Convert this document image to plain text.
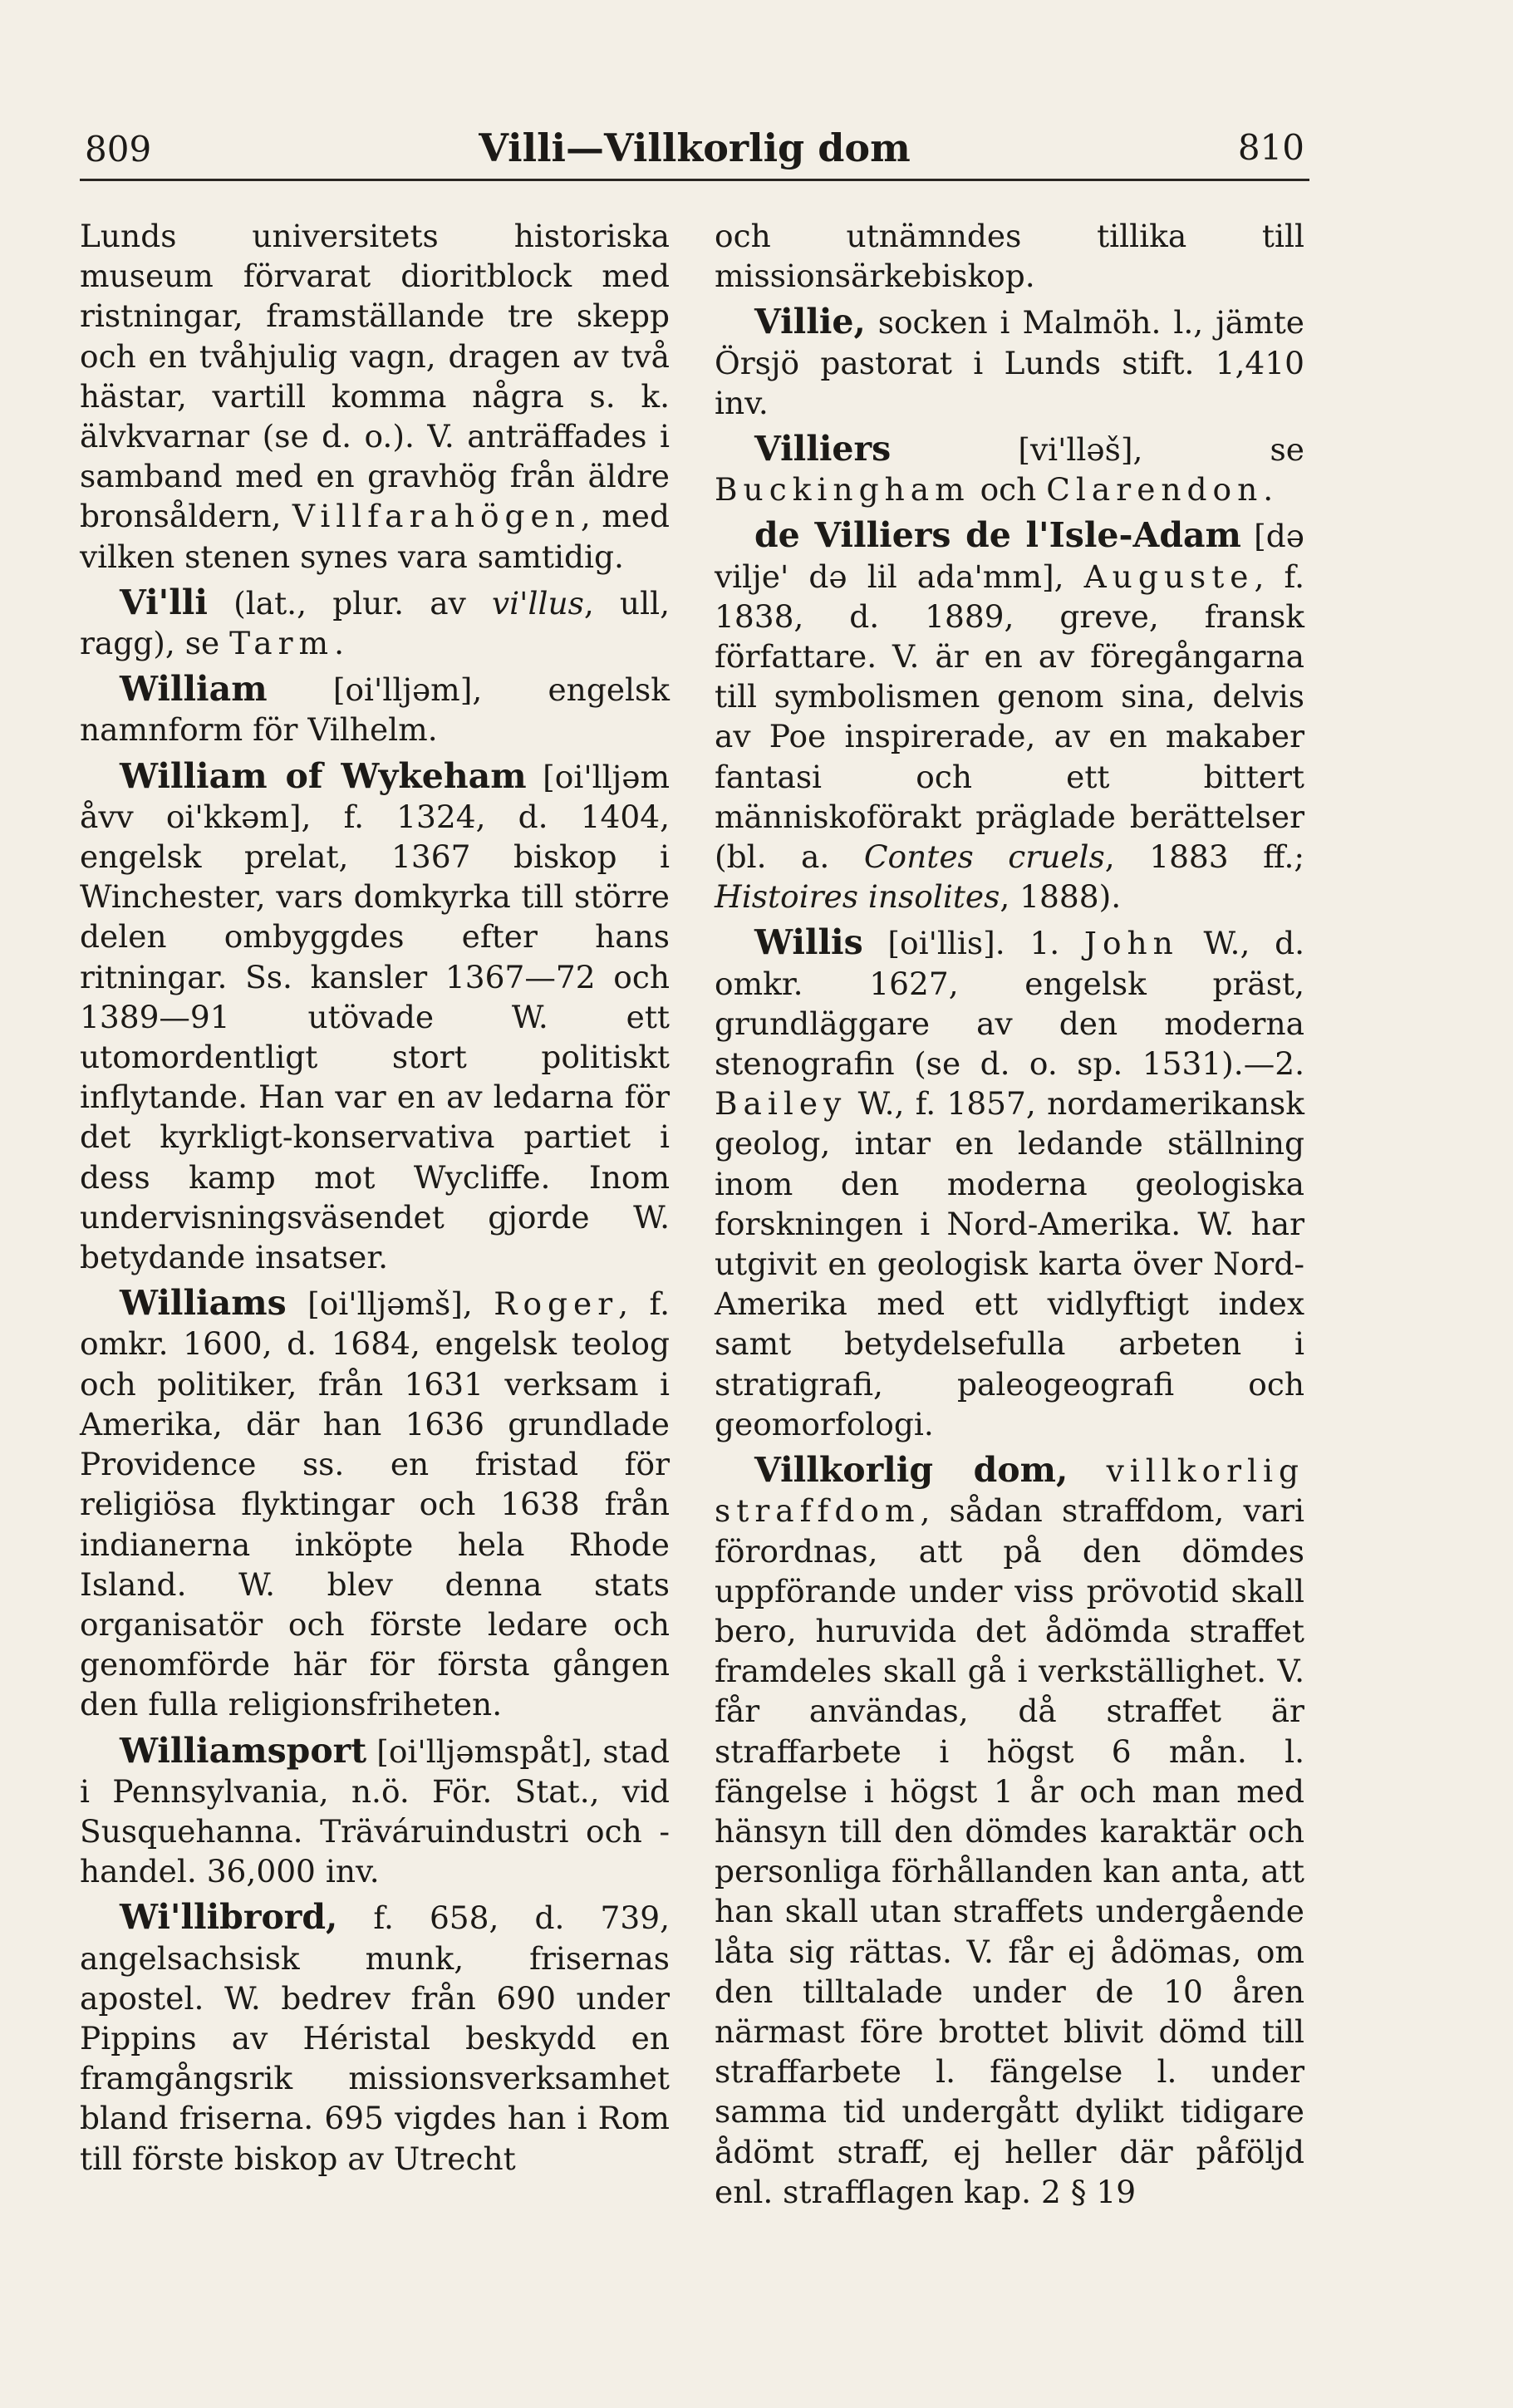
809	Villi—Villkorlig dom	810

Lunds universitets historiska museum förvarat dioritblock med ristningar, framställande tre skepp och en tvåhjulig vagn, dragen av två hästar, vartill komma några s. k. älvkvarnar (se d. o.). V. anträffades i samband med en gravhög från äldre bronsåldern, Villfarahögen, med vilken stenen synes vara samtidig.

Vi'lli (lat., plur. av vi'llus, ull, ragg), se Tarm.

William [oi'lljəm], engelsk namnform för Vilhelm.

William of Wykeham [oi'lljəm åvv oi'kkəm], f. 1324, d. 1404, engelsk prelat, 1367 biskop i Winchester, vars domkyrka till större delen ombyggdes efter hans ritningar. Ss. kansler 1367—72 och 1389—91 utövade W. ett utomordentligt stort politiskt inflytande. Han var en av ledarna för det kyrkligt-konservativa partiet i dess kamp mot Wycliffe. Inom undervisningsväsendet gjorde W. betydande insatser.

Williams [oi'lljəmš], Roger, f. omkr. 1600, d. 1684, engelsk teolog och politiker, från 1631 verksam i Amerika, där han 1636 grundlade Providence ss. en fristad för religiösa flyktingar och 1638 från indianerna inköpte hela Rhode Island. W. blev denna stats organisatör och förste ledare och genomförde här för första gången den fulla religionsfriheten.

Williamsport [oi'lljəmspåt], stad i Pennsylvania, n.ö. För. Stat., vid Susquehanna. Träváruindustri och -handel. 36,000 inv.

Wi'llibrord, f. 658, d. 739, angelsachsisk munk, frisernas apostel. W. bedrev från 690 under Pippins av Héristal beskydd en framgångsrik missionsverksamhet bland friserna. 695 vigdes han i Rom till förste biskop av Utrecht

och utnämndes tillika till missionsärkebiskop.

Villie, socken i Malmöh. l., jämte Örsjö pastorat i Lunds stift. 1,410 inv.

Villiers [vi'lləš], se Buckingham och Clarendon.

de Villiers de l'Isle-Adam [də vilje' də lil ada'mm], Auguste, f. 1838, d. 1889, greve, fransk författare. V. är en av föregångarna till symbolismen genom sina, delvis av Poe inspirerade, av en makaber fantasi och ett bittert människoförakt präglade berättelser (bl. a. Contes cruels, 1883 ff.; Histoires insolites, 1888).

Willis [oi'llis]. 1. John W., d. omkr. 1627, engelsk präst, grundläggare av den moderna stenografin (se d. o. sp. 1531).—2. Bailey W., f. 1857, nordamerikansk geolog, intar en ledande ställning inom den moderna geologiska forskningen i Nord-Amerika. W. har utgivit en geologisk karta över Nord-Amerika med ett vidlyftigt index samt betydelsefulla arbeten i stratigrafi, paleogeografi och geomorfologi.

Villkorlig dom, villkorlig straffdom, sådan straffdom, vari förordnas, att på den dömdes uppförande under viss prövotid skall bero, huruvida det ådömda straffet framdeles skall gå i verkställighet. V. får användas, då straffet är straffarbete i högst 6 mån. l. fängelse i högst 1 år och man med hänsyn till den dömdes karaktär och personliga förhållanden kan anta, att han skall utan straffets undergående låta sig rättas. V. får ej ådömas, om den tilltalade under de 10 åren närmast före brottet blivit dömd till straffarbete l. fängelse l. under samma tid undergått dylikt tidigare ådömt straff, ej heller där påföljd enl. strafflagen kap. 2 § 19
